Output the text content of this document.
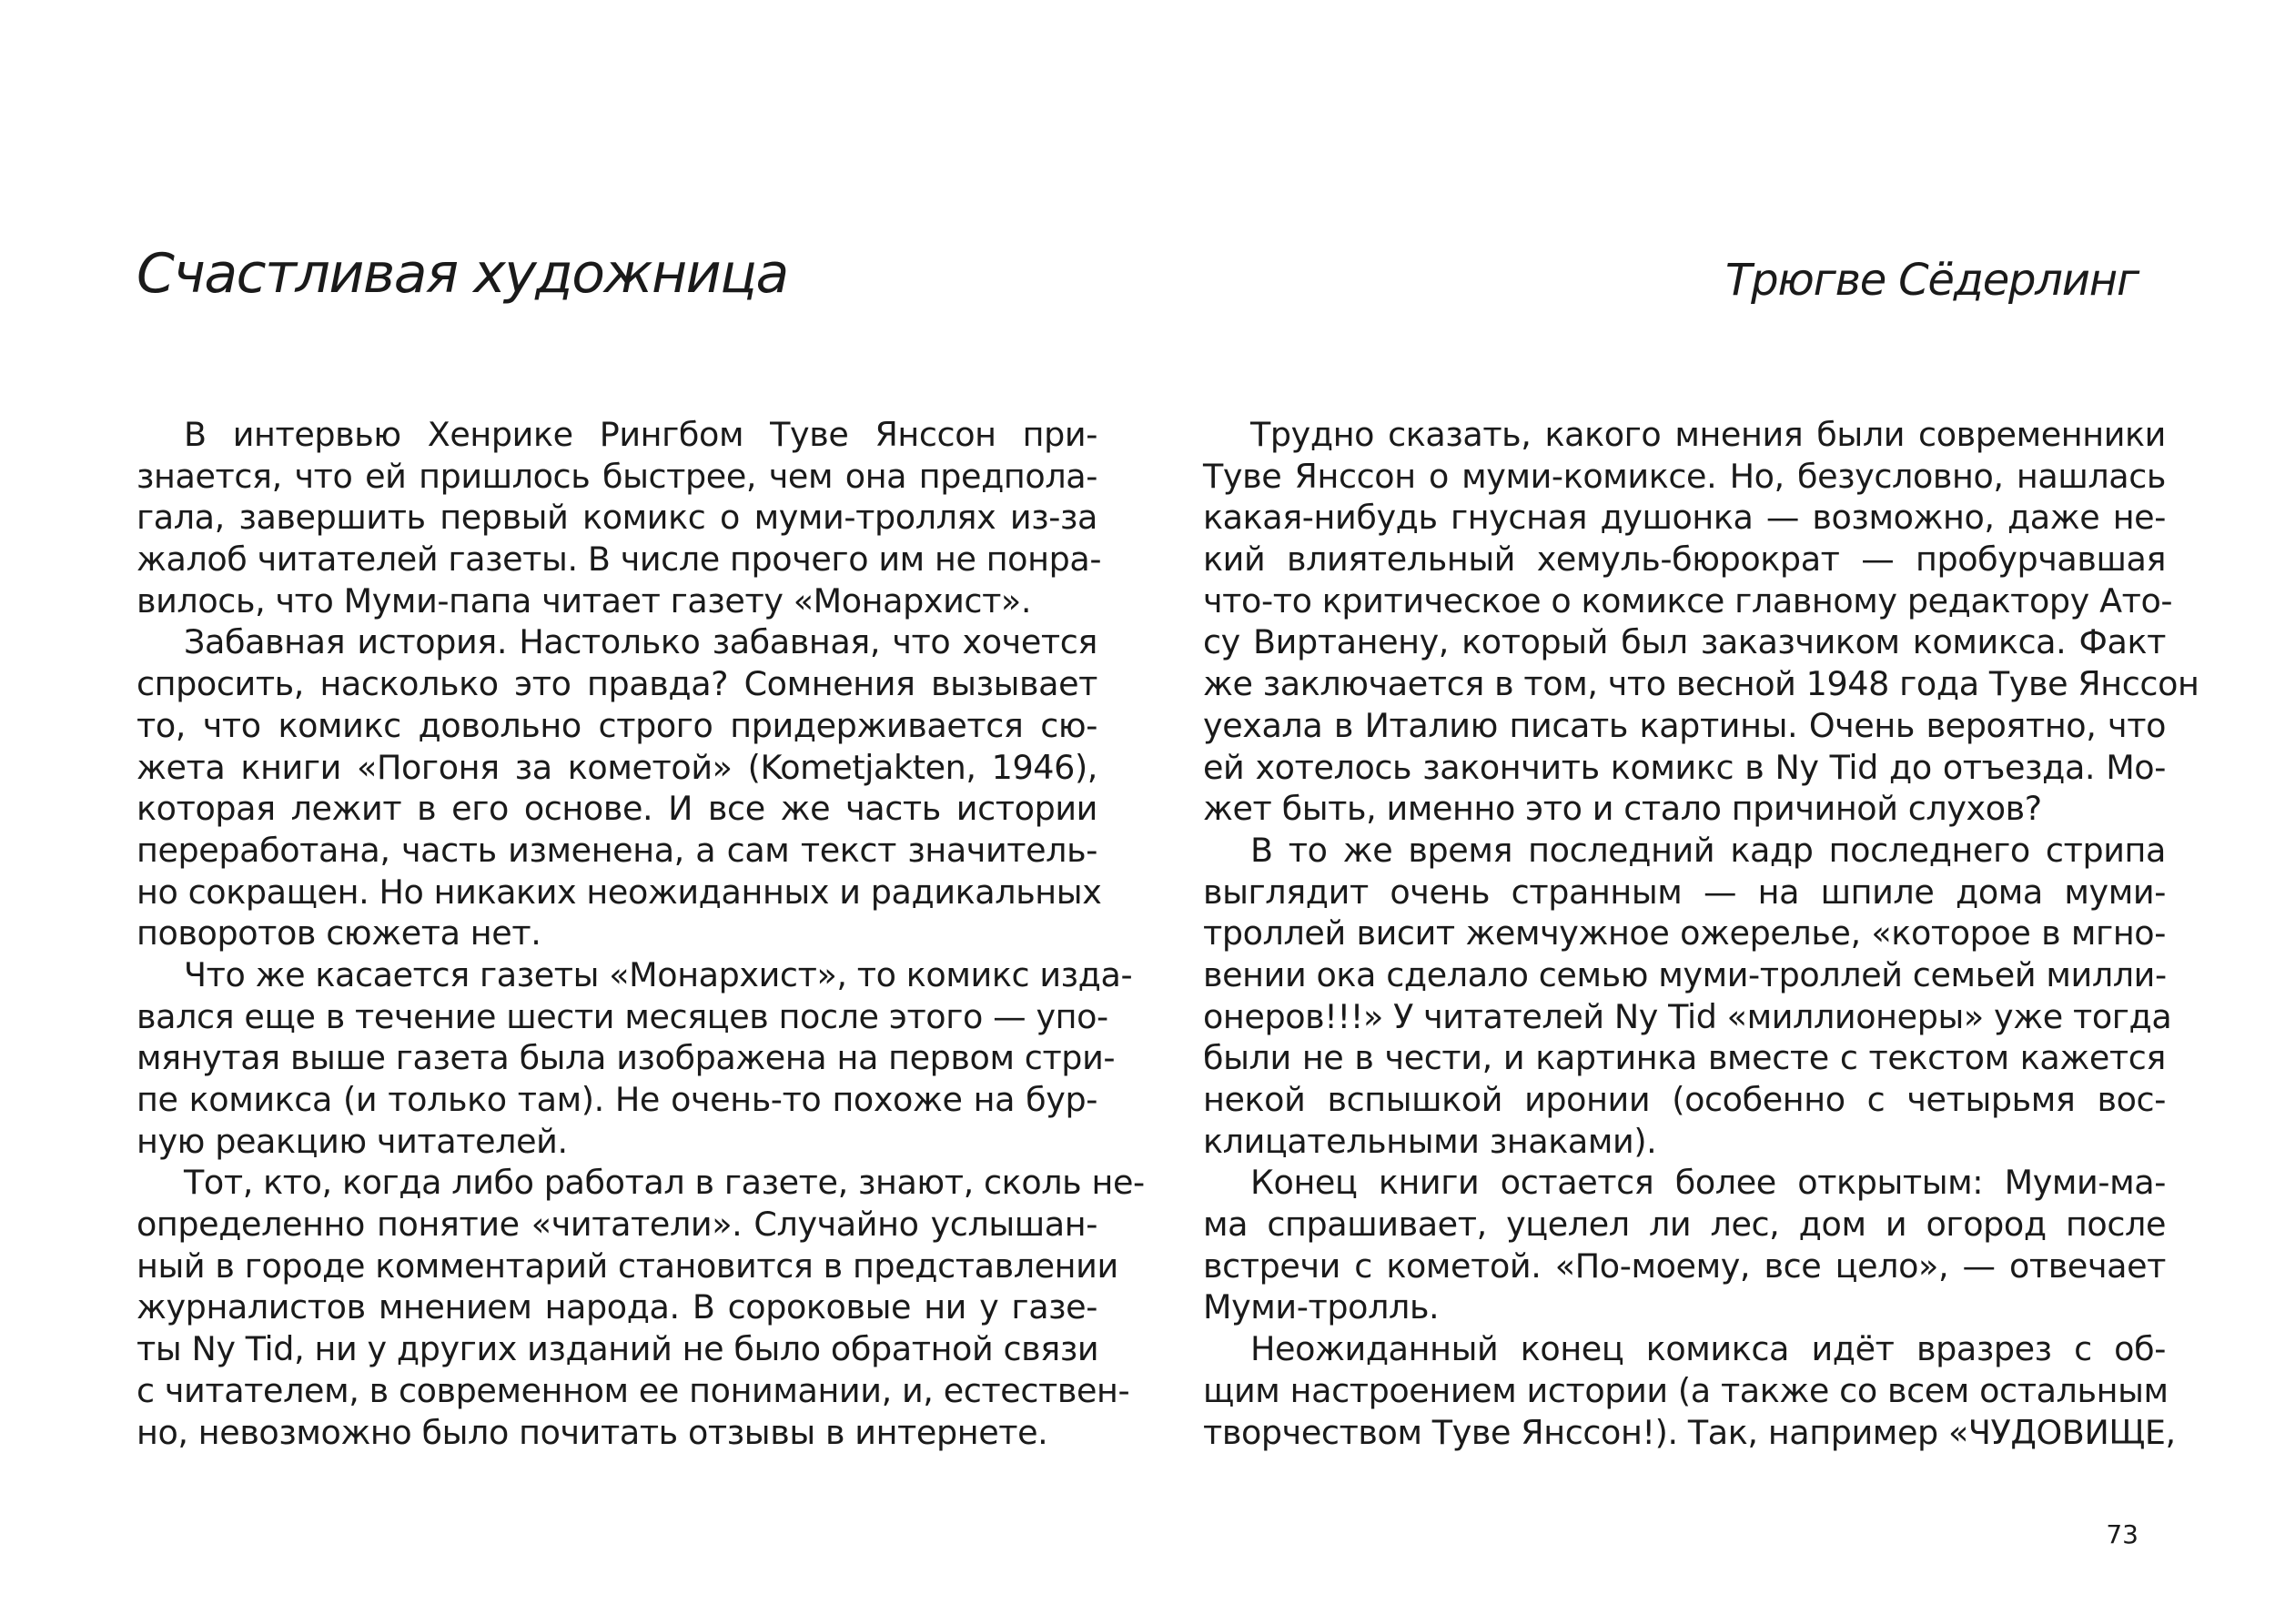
Счастливая художница	Трюгве Сёдерлинг
В интервью Хенрике Рингбом Туве Янссон при-
знается, что ей пришлось быстрее, чем она предпола-
гала, завершить первый комикс о муми-троллях из-за
жалоб читателей газеты. В числе прочего им не понра-
вилось, что Муми-папа читает газету «Монархист».
Забавная история. Настолько забавная, что хочется
спросить, насколько это правда? Сомнения вызывает
то, что комикс довольно строго придерживается сю-
жета книги «Погоня за кометой» (Kometjakten, 1946),
которая лежит в его основе. И все же часть истории
переработана, часть изменена, а сам текст значитель-
но сокращен. Но никаких неожиданных и радикальных
поворотов сюжета нет.
Что же касается газеты «Монархист», то комикс изда-
вался еще в течение шести месяцев после этого — упо-
мянутая выше газета была изображена на первом стри-
пе комикса (и только там). Не очень-то похоже на бур-
ную реакцию читателей.
Тот, кто, когда либо работал в газете, знают, сколь не-
определенно понятие «читатели». Случайно услышан-
ный в городе комментарий становится в представлении
журналистов мнением народа. В сороковые ни у газе-
ты Ny Tid, ни у других изданий не было обратной связи
с читателем, в современном ее понимании, и, естествен-
но, невозможно было почитать отзывы в интернете.
Трудно сказать, какого мнения были современники
Туве Янссон о муми-комиксе. Но, безусловно, нашлась
какая-нибудь гнусная душонка — возможно, даже не-
кий влиятельный хемуль-бюрократ — пробурчавшая
что-то критическое о комиксе главному редактору Ато-
су Виртанену, который был заказчиком комикса. Факт
же заключается в том, что весной 1948 года Туве Янссон
уехала в Италию писать картины. Очень вероятно, что
ей хотелось закончить комикс в Ny Tid до отъезда. Мо-
жет быть, именно это и стало причиной слухов?
В то же время последний кадр последнего стрипа
выглядит очень странным — на шпиле дома муми-
троллей висит жемчужное ожерелье, «которое в мгно-
вении ока сделало семью муми-троллей семьей милли-
онеров!!!» У читателей Ny Tid «миллионеры» уже тогда
были не в чести, и картинка вместе с текстом кажется
некой вспышкой иронии (особенно с четырьмя вос-
клицательными знаками).
Конец книги остается более открытым: Муми-ма-
ма спрашивает, уцелел ли лес, дом и огород после
встречи с кометой. «По-моему, все цело», — отвечает
Муми-тролль.
Неожиданный конец комикса идёт вразрез с об-
щим настроением истории (а также со всем остальным
творчеством Туве Янссон!). Так, например «ЧУДОВИЩЕ,
73
